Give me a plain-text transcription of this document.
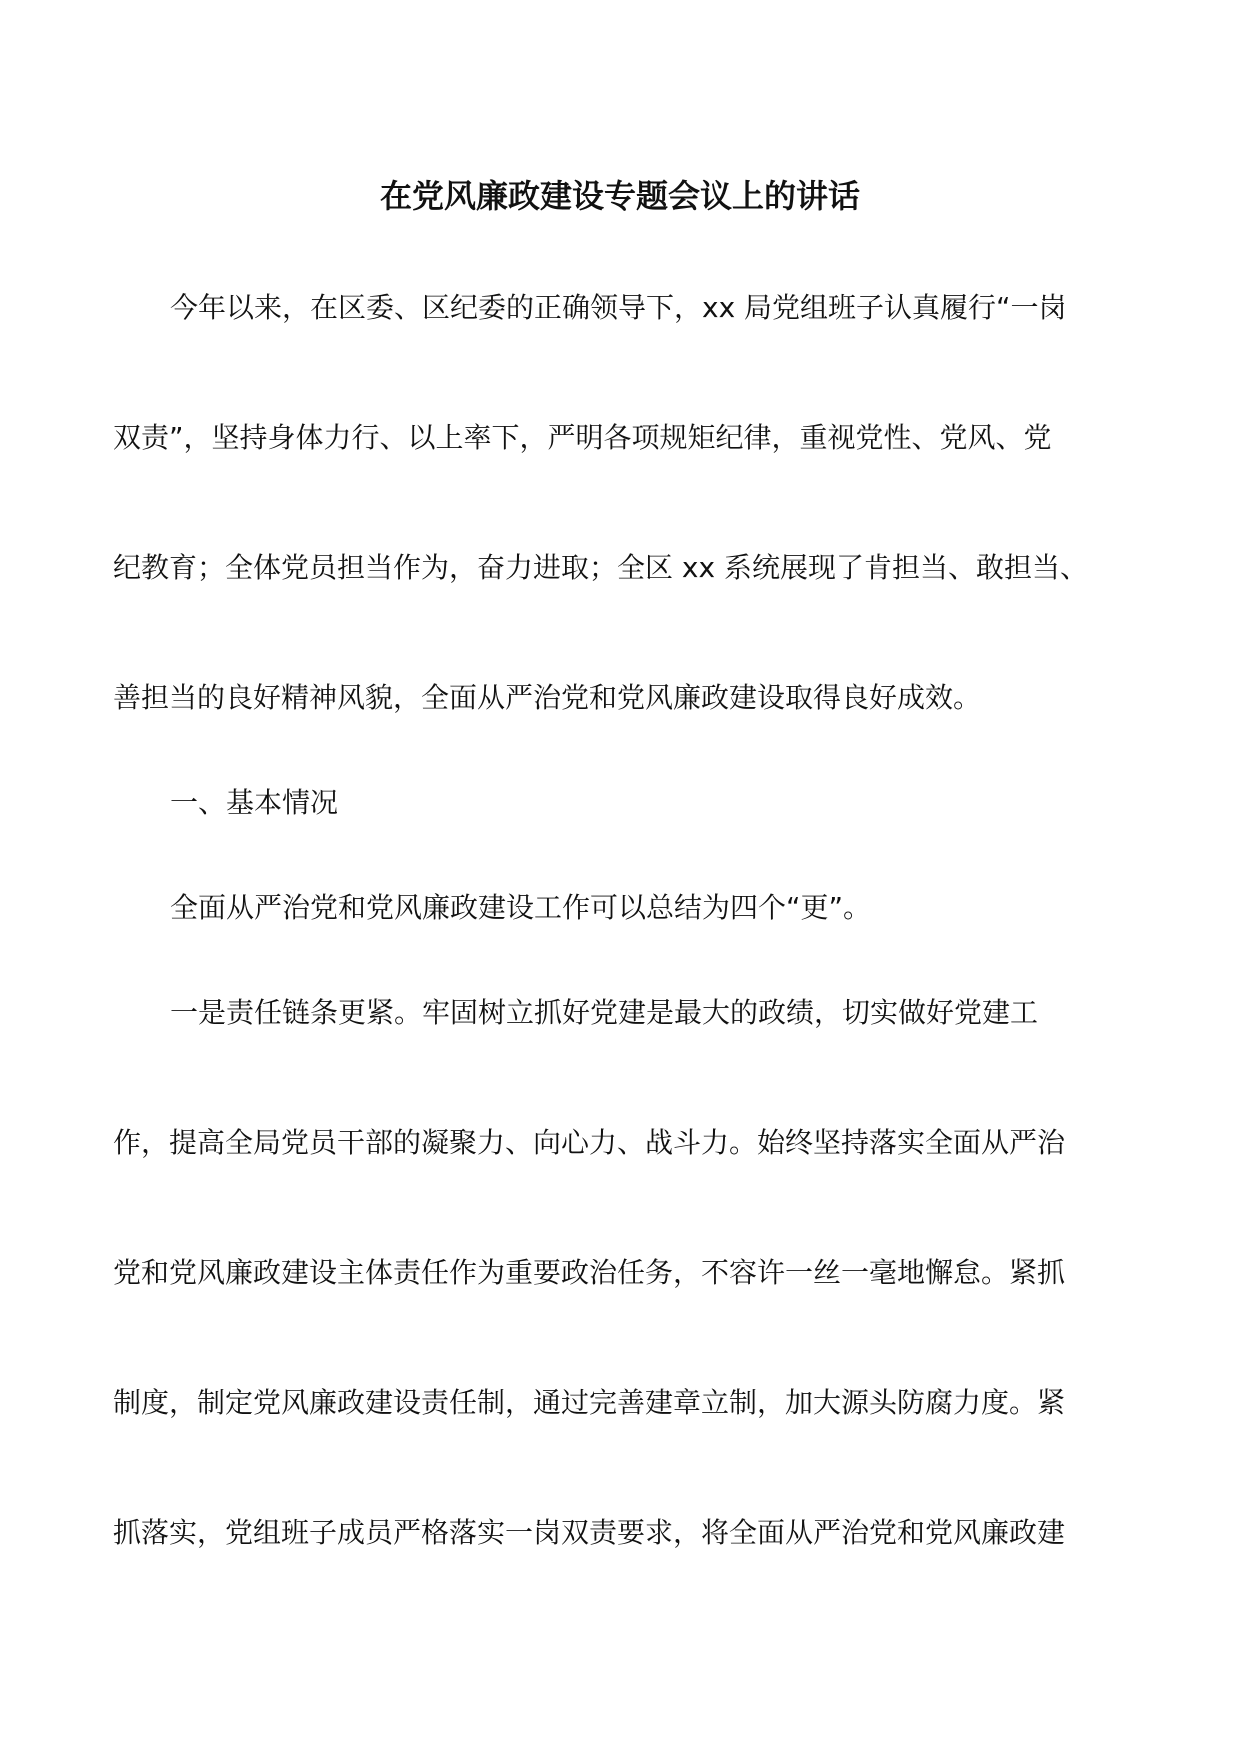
在党风廉政建设专题会议上的讲话
今年以来，在区委、区纪委的正确领导下，xx 局党组班子认真履行“一岗
双责”，坚持身体力行、以上率下，严明各项规矩纪律，重视党性、党风、党
纪教育；全体党员担当作为，奋力进取；全区 xx 系统展现了肯担当、敢担当、
善担当的良好精神风貌，全面从严治党和党风廉政建设取得良好成效。
一、基本情况
全面从严治党和党风廉政建设工作可以总结为四个“更”。
一是责任链条更紧。牢固树立抓好党建是最大的政绩，切实做好党建工
作，提高全局党员干部的凝聚力、向心力、战斗力。始终坚持落实全面从严治
党和党风廉政建设主体责任作为重要政治任务，不容许一丝一毫地懈怠。紧抓
制度，制定党风廉政建设责任制，通过完善建章立制，加大源头防腐力度。紧
抓落实，党组班子成员严格落实一岗双责要求，将全面从严治党和党风廉政建
